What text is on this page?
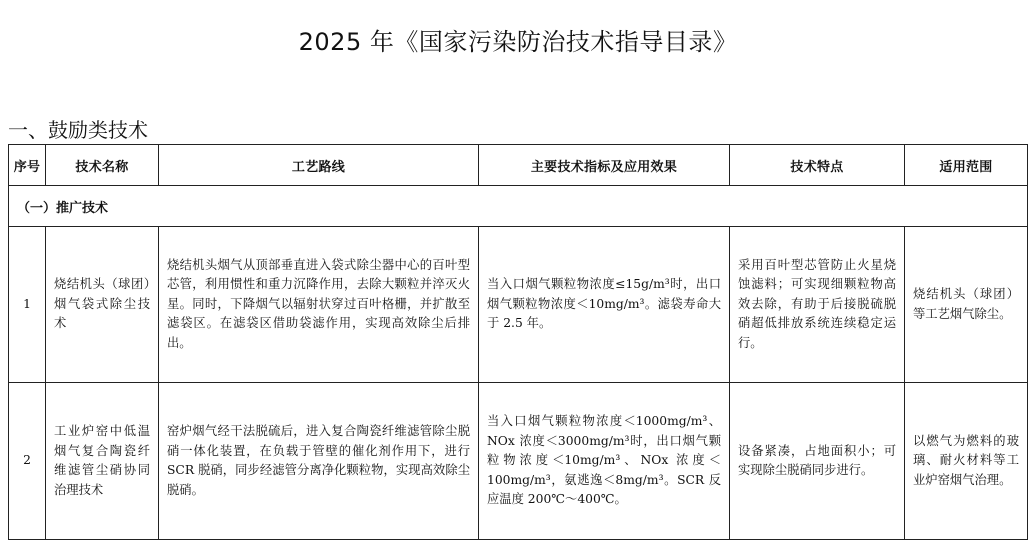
2025 年《国家污染防治技术指导目录》
一、鼓励类技术
序号	技术名称	工艺路线	主要技术指标及应用效果	技术特点	适用范围
（一）推广技术					
1	烧结机头（球团）烟气袋式除尘技术	烧结机头烟气从顶部垂直进入袋式除尘器中心的百叶型芯管，利用惯性和重力沉降作用，去除大颗粒并淬灭火星。同时，下降烟气以辐射状穿过百叶格栅，并扩散至滤袋区。在滤袋区借助袋滤作用，实现高效除尘后排出。	当入口烟气颗粒物浓度≤15g/m³时，出口烟气颗粒物浓度＜10mg/m³。滤袋寿命大于 2.5 年。	采用百叶型芯管防止火星烧蚀滤料；可实现细颗粒物高效去除，有助于后接脱硫脱硝超低排放系统连续稳定运行。	烧结机头（球团）等工艺烟气除尘。
2	工业炉窑中低温烟气复合陶瓷纤维滤管尘硝协同治理技术	窑炉烟气经干法脱硫后，进入复合陶瓷纤维滤管除尘脱硝一体化装置，在负载于管壁的催化剂作用下，进行 SCR 脱硝，同步经滤管分离净化颗粒物，实现高效除尘脱硝。	当入口烟气颗粒物浓度＜1000mg/m³、NOx 浓度＜3000mg/m³时，出口烟气颗粒物浓度＜10mg/m³、NOx 浓度＜100mg/m³，氨逃逸＜8mg/m³。SCR 反应温度 200℃～400℃。	设备紧凑，占地面积小；可实现除尘脱硝同步进行。	以燃气为燃料的玻璃、耐火材料等工业炉窑烟气治理。
